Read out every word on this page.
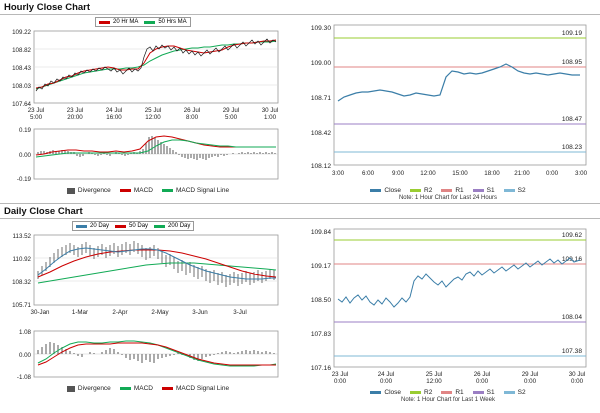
Hourly Close Chart
20 Hr MA	50 Hrs MA
109.22
108.82
108.43
108.03
107.64
23 Jul
5:00
23 Jul
20:00
24 Jul
16:00
25 Jul
12:00
26 Jul
8:00
29 Jul
5:00
30 Jul
1:00
0.19
0.00
-0.19
Divergence	MACD	MACD Signal Line
109.30
109.00
108.71
108.42
108.12
109.19
108.95
108.47
108.23
3:00	6:00	9:00	12:00	15:00	18:00 21:00	0:00	3:00
Close	R2	R1	S1	S2
Note: 1 Hour Chart for Last 24 Hours
Daily Close Chart
20 Day	50 Day	200 Day
113.52
110.92
108.32
105.71
30-Jan	1-Mar	2-Apr	2-May	3-Jun	3-Jul
1.08
0.00
-1.08
Divergence	MACD	MACD Signal Line
109.84
109.17
108.50
107.83
107.16
109.62
109.16
108.04
107.38
23 Jul
0:00
24 Jul
0:00
25 Jul
12:00
26 Jul
0:00
29 Jul
0:00
30 Jul
0:00
Close	R2	R1	S1	S2
Note: 1 Hour Chart for Last 1 Week
